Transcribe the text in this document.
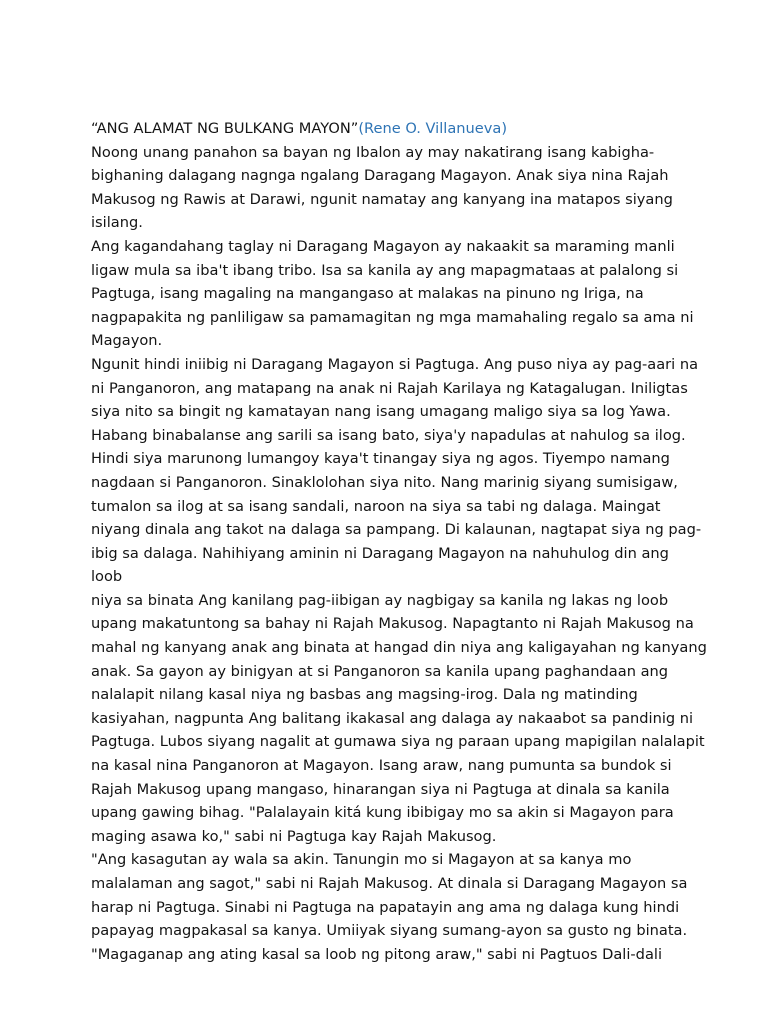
“ANG ALAMAT NG BULKANG MAYON”(Rene O. Villanueva)
Noong unang panahon sa bayan ng Ibalon ay may nakatirang isang kabigha-
bighaning dalagang nagnga ngalang Daragang Magayon. Anak siya nina Rajah
Makusog ng Rawis at Darawi, ngunit namatay ang kanyang ina matapos siyang
isilang.
Ang kagandahang taglay ni Daragang Magayon ay nakaakit sa maraming manli
ligaw mula sa iba't ibang tribo. Isa sa kanila ay ang mapagmataas at palalong si
Pagtuga, isang magaling na mangangaso at malakas na pinuno ng Iriga, na
nagpapakita ng panliligaw sa pamamagitan ng mga mamahaling regalo sa ama ni
Magayon.
Ngunit hindi iniibig ni Daragang Magayon si Pagtuga. Ang puso niya ay pag-aari na
ni Panganoron, ang matapang na anak ni Rajah Karilaya ng Katagalugan. Iniligtas
siya nito sa bingit ng kamatayan nang isang umagang maligo siya sa log Yawa.
Habang binabalanse ang sarili sa isang bato, siya'y napadulas at nahulog sa ilog.
Hindi siya marunong lumangoy kaya't tinangay siya ng agos. Tiyempo namang
nagdaan si Panganoron. Sinaklolohan siya nito. Nang marinig siyang sumisigaw,
tumalon sa ilog at sa isang sandali, naroon na siya sa tabi ng dalaga. Maingat
niyang dinala ang takot na dalaga sa pampang. Di kalaunan, nagtapat siya ng pag-
ibig sa dalaga. Nahihiyang aminin ni Daragang Magayon na nahuhulog din ang
loob
niya sa binata Ang kanilang pag-iibigan ay nagbigay sa kanila ng lakas ng loob
upang makatuntong sa bahay ni Rajah Makusog. Napagtanto ni Rajah Makusog na
mahal ng kanyang anak ang binata at hangad din niya ang kaligayahan ng kanyang
anak. Sa gayon ay binigyan at si Panganoron sa kanila upang paghandaan ang
nalalapit nilang kasal niya ng basbas ang magsing-irog. Dala ng matinding
kasiyahan, nagpunta Ang balitang ikakasal ang dalaga ay nakaabot sa pandinig ni
Pagtuga. Lubos siyang nagalit at gumawa siya ng paraan upang mapigilan nalalapit
na kasal nina Panganoron at Magayon. Isang araw, nang pumunta sa bundok si
Rajah Makusog upang mangaso, hinarangan siya ni Pagtuga at dinala sa kanila
upang gawing bihag. "Palalayain kitá kung ibibigay mo sa akin si Magayon para
maging asawa ko," sabi ni Pagtuga kay Rajah Makusog.
"Ang kasagutan ay wala sa akin. Tanungin mo si Magayon at sa kanya mo
malalaman ang sagot," sabi ni Rajah Makusog. At dinala si Daragang Magayon sa
harap ni Pagtuga. Sinabi ni Pagtuga na papatayin ang ama ng dalaga kung hindi
papayag magpakasal sa kanya. Umiiyak siyang sumang-ayon sa gusto ng binata.
"Magaganap ang ating kasal sa loob ng pitong araw," sabi ni Pagtuos Dali-dali
